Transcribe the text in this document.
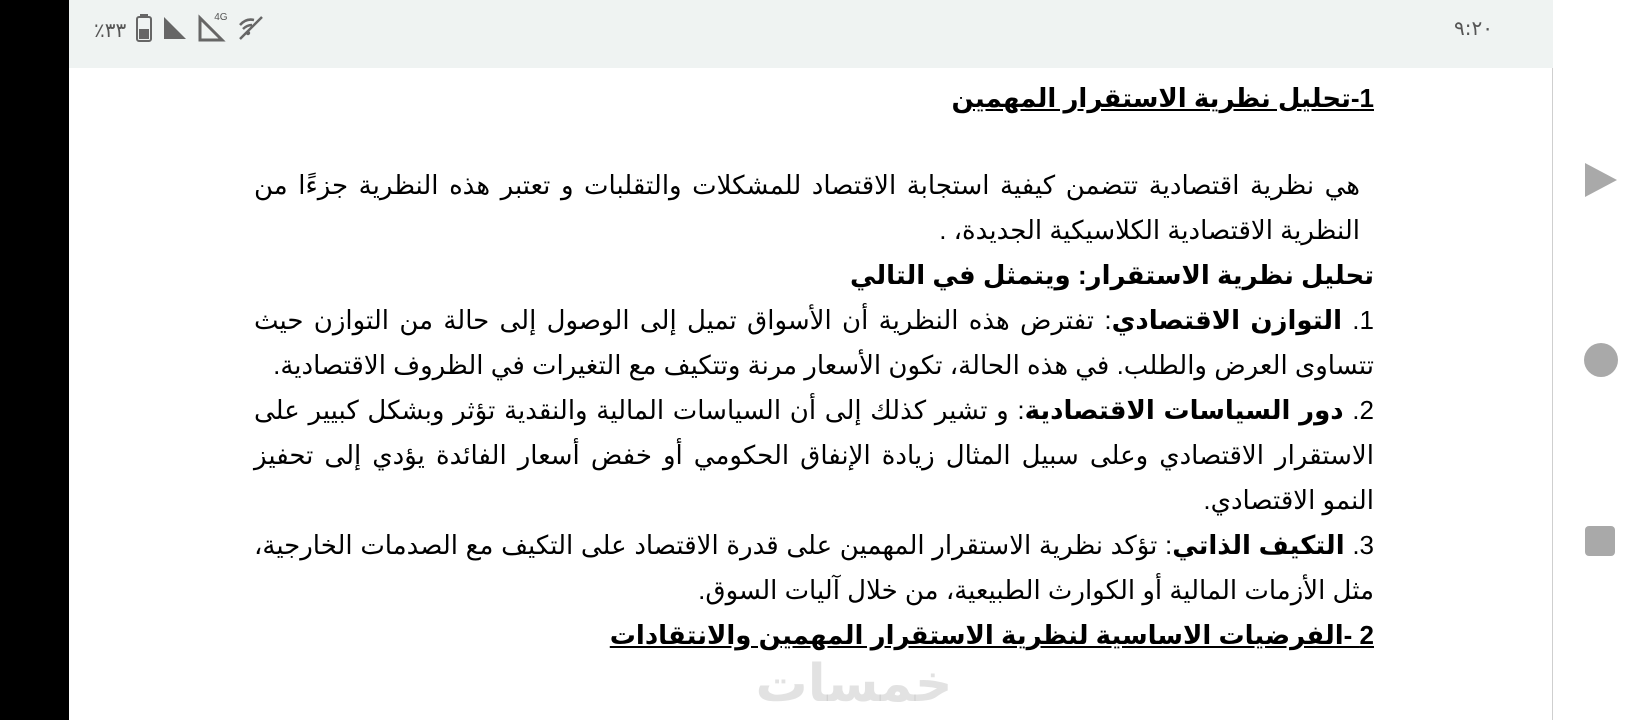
٪٣٣
4G	٩:٢٠

1-تحليل نظرية الاستقرار المهمين

هي نظرية اقتصادية تتضمن كيفية استجابة الاقتصاد للمشكلات والتقلبات و تعتبر هذه النظرية جزءًا من النظرية الاقتصادية الكلاسيكية الجديدة، .

تحليل نظرية الاستقرار: ويتمثل في التالي

1. التوازن الاقتصادي: تفترض هذه النظرية أن الأسواق تميل إلى الوصول إلى حالة من التوازن حيث تتساوى العرض والطلب. في هذه الحالة، تكون الأسعار مرنة وتتكيف مع التغيرات في الظروف الاقتصادية.

2. دور السياسات الاقتصادية: و تشير كذلك إلى أن السياسات المالية والنقدية تؤثر وبشكل كبيير على الاستقرار الاقتصادي وعلى سبيل المثال زيادة الإنفاق الحكومي أو خفض أسعار الفائدة يؤدي إلى تحفيز النمو الاقتصادي.

3. التكيف الذاتي: تؤكد نظرية الاستقرار المهمين على قدرة الاقتصاد على التكيف مع الصدمات الخارجية، مثل الأزمات المالية أو الكوارث الطبيعية، من خلال آليات السوق.

2 -الفرضيات الاساسية لنظرية الاستقرار المهمين والانتقادات

خمسات
